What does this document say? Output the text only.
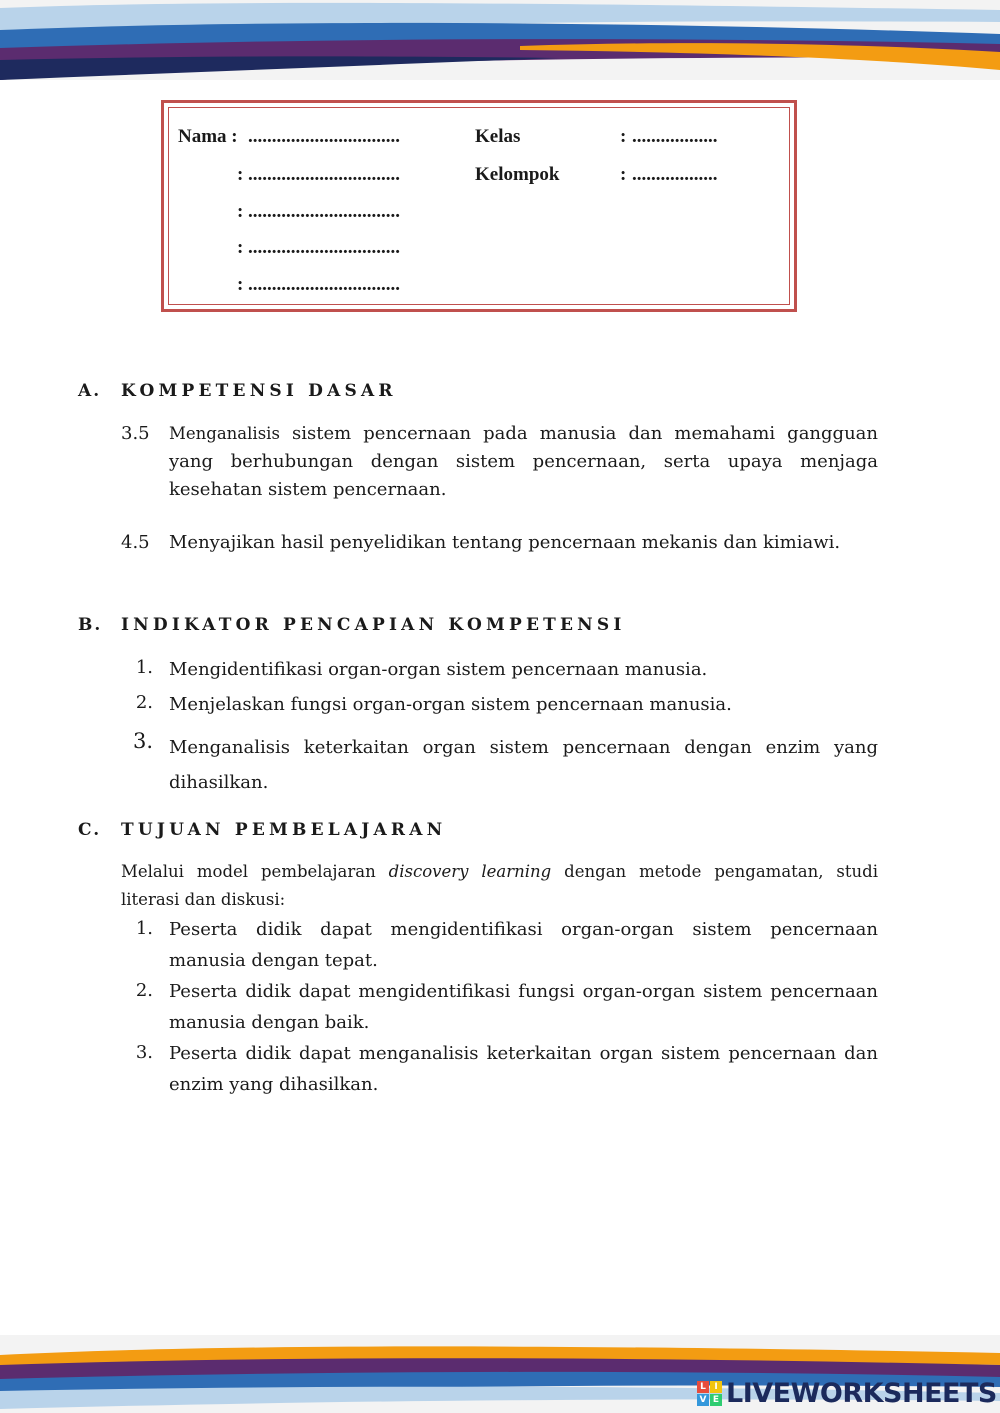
Nama : ................................
: ................................
: ................................
: ................................
: ................................
Kelas	: ..................
Kelompok	: ..................
A. KOMPETENSI DASAR
3.5 Menganalisis sistem pencernaan pada manusia dan memahami gangguan yang berhubungan dengan sistem pencernaan, serta upaya menjaga kesehatan sistem pencernaan.
4.5 Menyajikan hasil penyelidikan tentang pencernaan mekanis dan kimiawi.
B. INDIKATOR PENCAPIAN KOMPETENSI
1. Mengidentifikasi organ-organ sistem pencernaan manusia.
2. Menjelaskan fungsi organ-organ sistem pencernaan manusia.
3. Menganalisis keterkaitan organ sistem pencernaan dengan enzim yang dihasilkan.
C. TUJUAN PEMBELAJARAN
Melalui model pembelajaran discovery learning dengan metode pengamatan, studi literasi dan diskusi:
1. Peserta didik dapat mengidentifikasi organ-organ sistem pencernaan manusia dengan tepat.
2. Peserta didik dapat mengidentifikasi fungsi organ-organ sistem pencernaan manusia dengan baik.
3. Peserta didik dapat menganalisis keterkaitan organ sistem pencernaan dan enzim yang dihasilkan.
L I
V E LIVEWORKSHEETS
